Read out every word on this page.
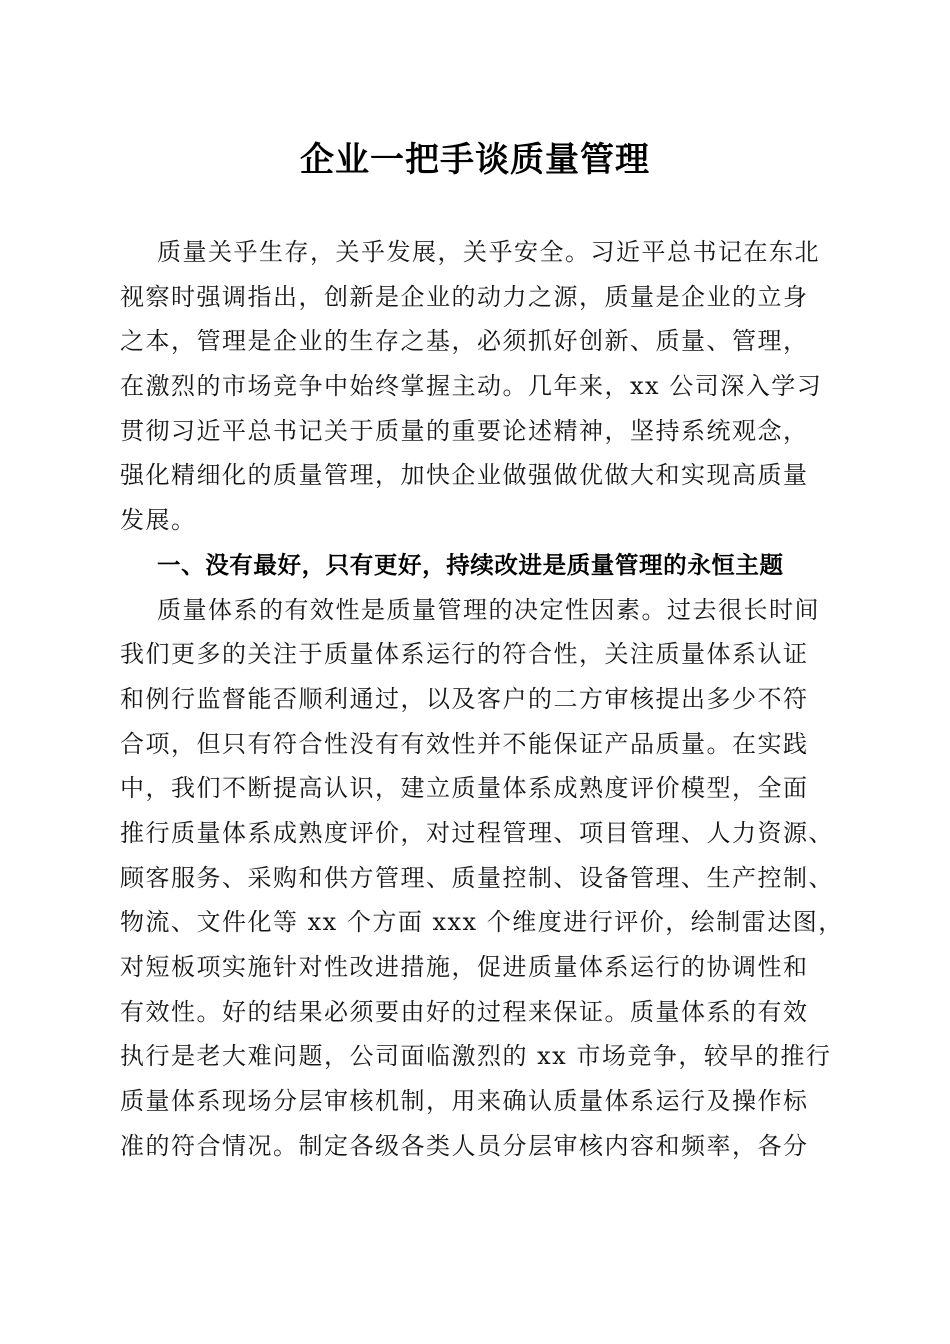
企业一把手谈质量管理
质量关乎生存，关乎发展，关乎安全。习近平总书记在东北
视察时强调指出，创新是企业的动力之源，质量是企业的立身
之本，管理是企业的生存之基，必须抓好创新、质量、管理，
在激烈的市场竞争中始终掌握主动。几年来，xx 公司深入学习
贯彻习近平总书记关于质量的重要论述精神，坚持系统观念，
强化精细化的质量管理，加快企业做强做优做大和实现高质量
发展。
一、没有最好，只有更好，持续改进是质量管理的永恒主题
质量体系的有效性是质量管理的决定性因素。过去很长时间
我们更多的关注于质量体系运行的符合性，关注质量体系认证
和例行监督能否顺利通过，以及客户的二方审核提出多少不符
合项，但只有符合性没有有效性并不能保证产品质量。在实践
中，我们不断提高认识，建立质量体系成熟度评价模型，全面
推行质量体系成熟度评价，对过程管理、项目管理、人力资源、
顾客服务、采购和供方管理、质量控制、设备管理、生产控制、
物流、文件化等 xx 个方面 xxx 个维度进行评价，绘制雷达图，
对短板项实施针对性改进措施，促进质量体系运行的协调性和
有效性。好的结果必须要由好的过程来保证。质量体系的有效
执行是老大难问题，公司面临激烈的 xx 市场竞争，较早的推行
质量体系现场分层审核机制，用来确认质量体系运行及操作标
准的符合情况。制定各级各类人员分层审核内容和频率，各分
